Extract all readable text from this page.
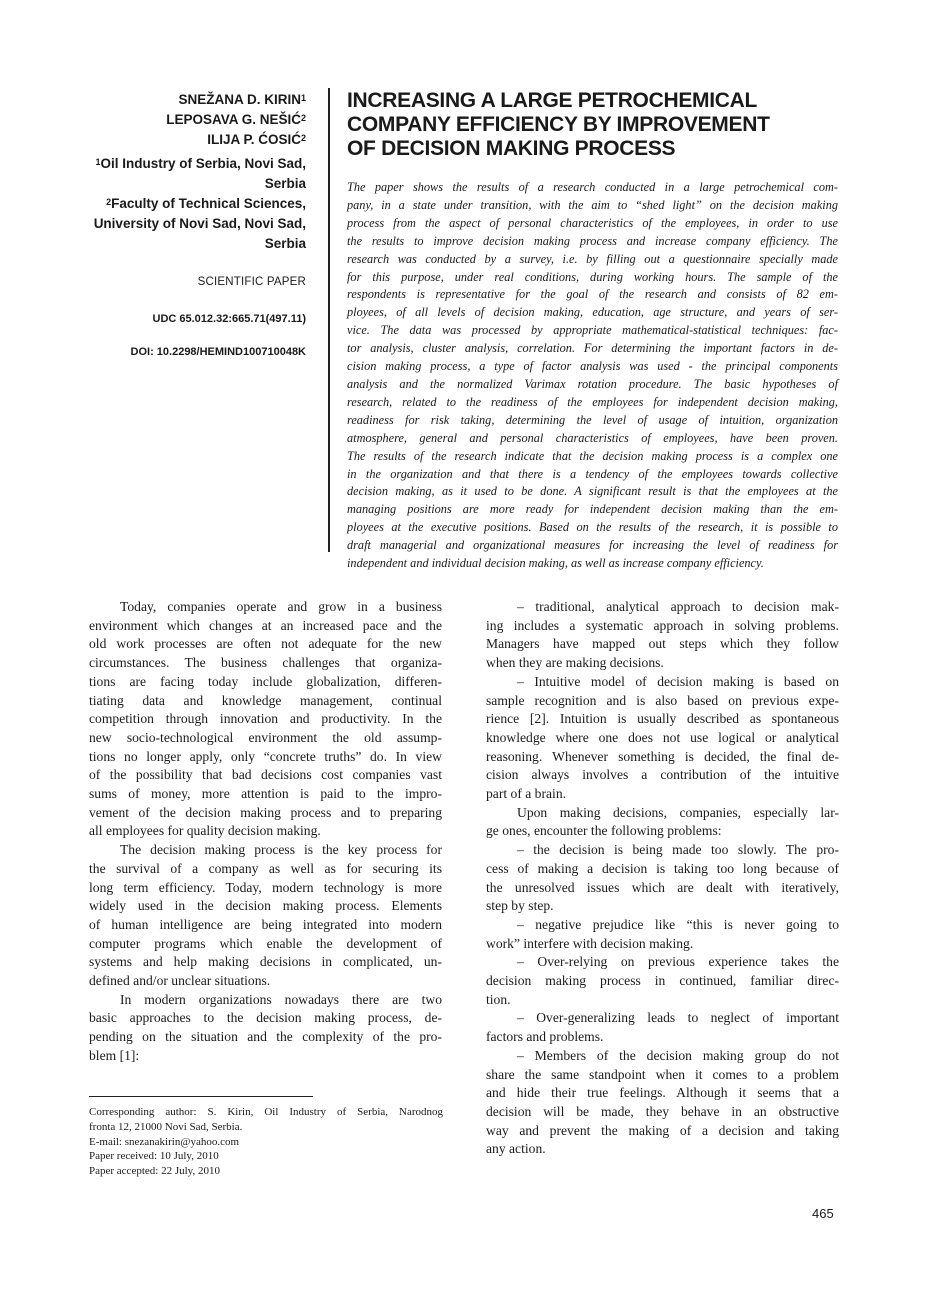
SNEŽANA D. KIRIN$^1$
LEPOSAVA G. NEŠIĆ$^2$
ILIJA P. ĆOSIĆ$^2$
$^1$Oil Industry of Serbia, Novi Sad,
Serbia
$^2$Faculty of Technical Sciences,
University of Novi Sad, Novi Sad,
Serbia
SCIENTIFIC PAPER
UDC 65.012.32:665.71(497.11)
DOI: 10.2298/HEMIND100710048K
INCREASING A LARGE PETROCHEMICAL
COMPANY EFFICIENCY BY IMPROVEMENT
OF DECISION MAKING PROCESS
The paper shows the results of a research conducted in a large petrochemical com-
pany, in a state under transition, with the aim to “shed light” on the decision making
process from the aspect of personal characteristics of the employees, in order to use
the results to improve decision making process and increase company efficiency. The
research was conducted by a survey, i.e. by filling out a questionnaire specially made
for this purpose, under real conditions, during working hours. The sample of the
respondents is representative for the goal of the research and consists of 82 em-
ployees, of all levels of decision making, education, age structure, and years of ser-
vice. The data was processed by appropriate mathematical-statistical techniques: fac-
tor analysis, cluster analysis, correlation. For determining the important factors in de-
cision making process, a type of factor analysis was used - the principal components
analysis and the normalized Varimax rotation procedure. The basic hypotheses of
research, related to the readiness of the employees for independent decision making,
readiness for risk taking, determining the level of usage of intuition, organization
atmosphere, general and personal characteristics of employees, have been proven.
The results of the research indicate that the decision making process is a complex one
in the organization and that there is a tendency of the employees towards collective
decision making, as it used to be done. A significant result is that the employees at the
managing positions are more ready for independent decision making than the em-
ployees at the executive positions. Based on the results of the research, it is possible to
draft managerial and organizational measures for increasing the level of readiness for
independent and individual decision making, as well as increase company efficiency.
Today, companies operate and grow in a business
environment which changes at an increased pace and the
old work processes are often not adequate for the new
circumstances. The business challenges that organiza-
tions are facing today include globalization, differen-
tiating data and knowledge management, continual
competition through innovation and productivity. In the
new socio-technological environment the old assump-
tions no longer apply, only “concrete truths” do. In view
of the possibility that bad decisions cost companies vast
sums of money, more attention is paid to the impro-
vement of the decision making process and to preparing
all employees for quality decision making.
The decision making process is the key process for
the survival of a company as well as for securing its
long term efficiency. Today, modern technology is more
widely used in the decision making process. Elements
of human intelligence are being integrated into modern
computer programs which enable the development of
systems and help making decisions in complicated, un-
defined and/or unclear situations.
In modern organizations nowadays there are two
basic approaches to the decision making process, de-
pending on the situation and the complexity of the pro-
blem [1]:
– traditional, analytical approach to decision mak-
ing includes a systematic approach in solving problems.
Managers have mapped out steps which they follow
when they are making decisions.
– Intuitive model of decision making is based on
sample recognition and is also based on previous expe-
rience [2]. Intuition is usually described as spontaneous
knowledge where one does not use logical or analytical
reasoning. Whenever something is decided, the final de-
cision always involves a contribution of the intuitive
part of a brain.
Upon making decisions, companies, especially lar-
ge ones, encounter the following problems:
– the decision is being made too slowly. The pro-
cess of making a decision is taking too long because of
the unresolved issues which are dealt with iteratively,
step by step.
– negative prejudice like “this is never going to
work” interfere with decision making.
– Over-relying on previous experience takes the
decision making process in continued, familiar direc-
tion.
– Over-generalizing leads to neglect of important
factors and problems.
– Members of the decision making group do not
share the same standpoint when it comes to a problem
and hide their true feelings. Although it seems that a
decision will be made, they behave in an obstructive
way and prevent the making of a decision and taking
any action.
Corresponding author: S. Kirin, Oil Industry of Serbia, Narodnog
fronta 12, 21000 Novi Sad, Serbia.
E-mail: snezanakirin@yahoo.com
Paper received: 10 July, 2010
Paper accepted: 22 July, 2010
465
